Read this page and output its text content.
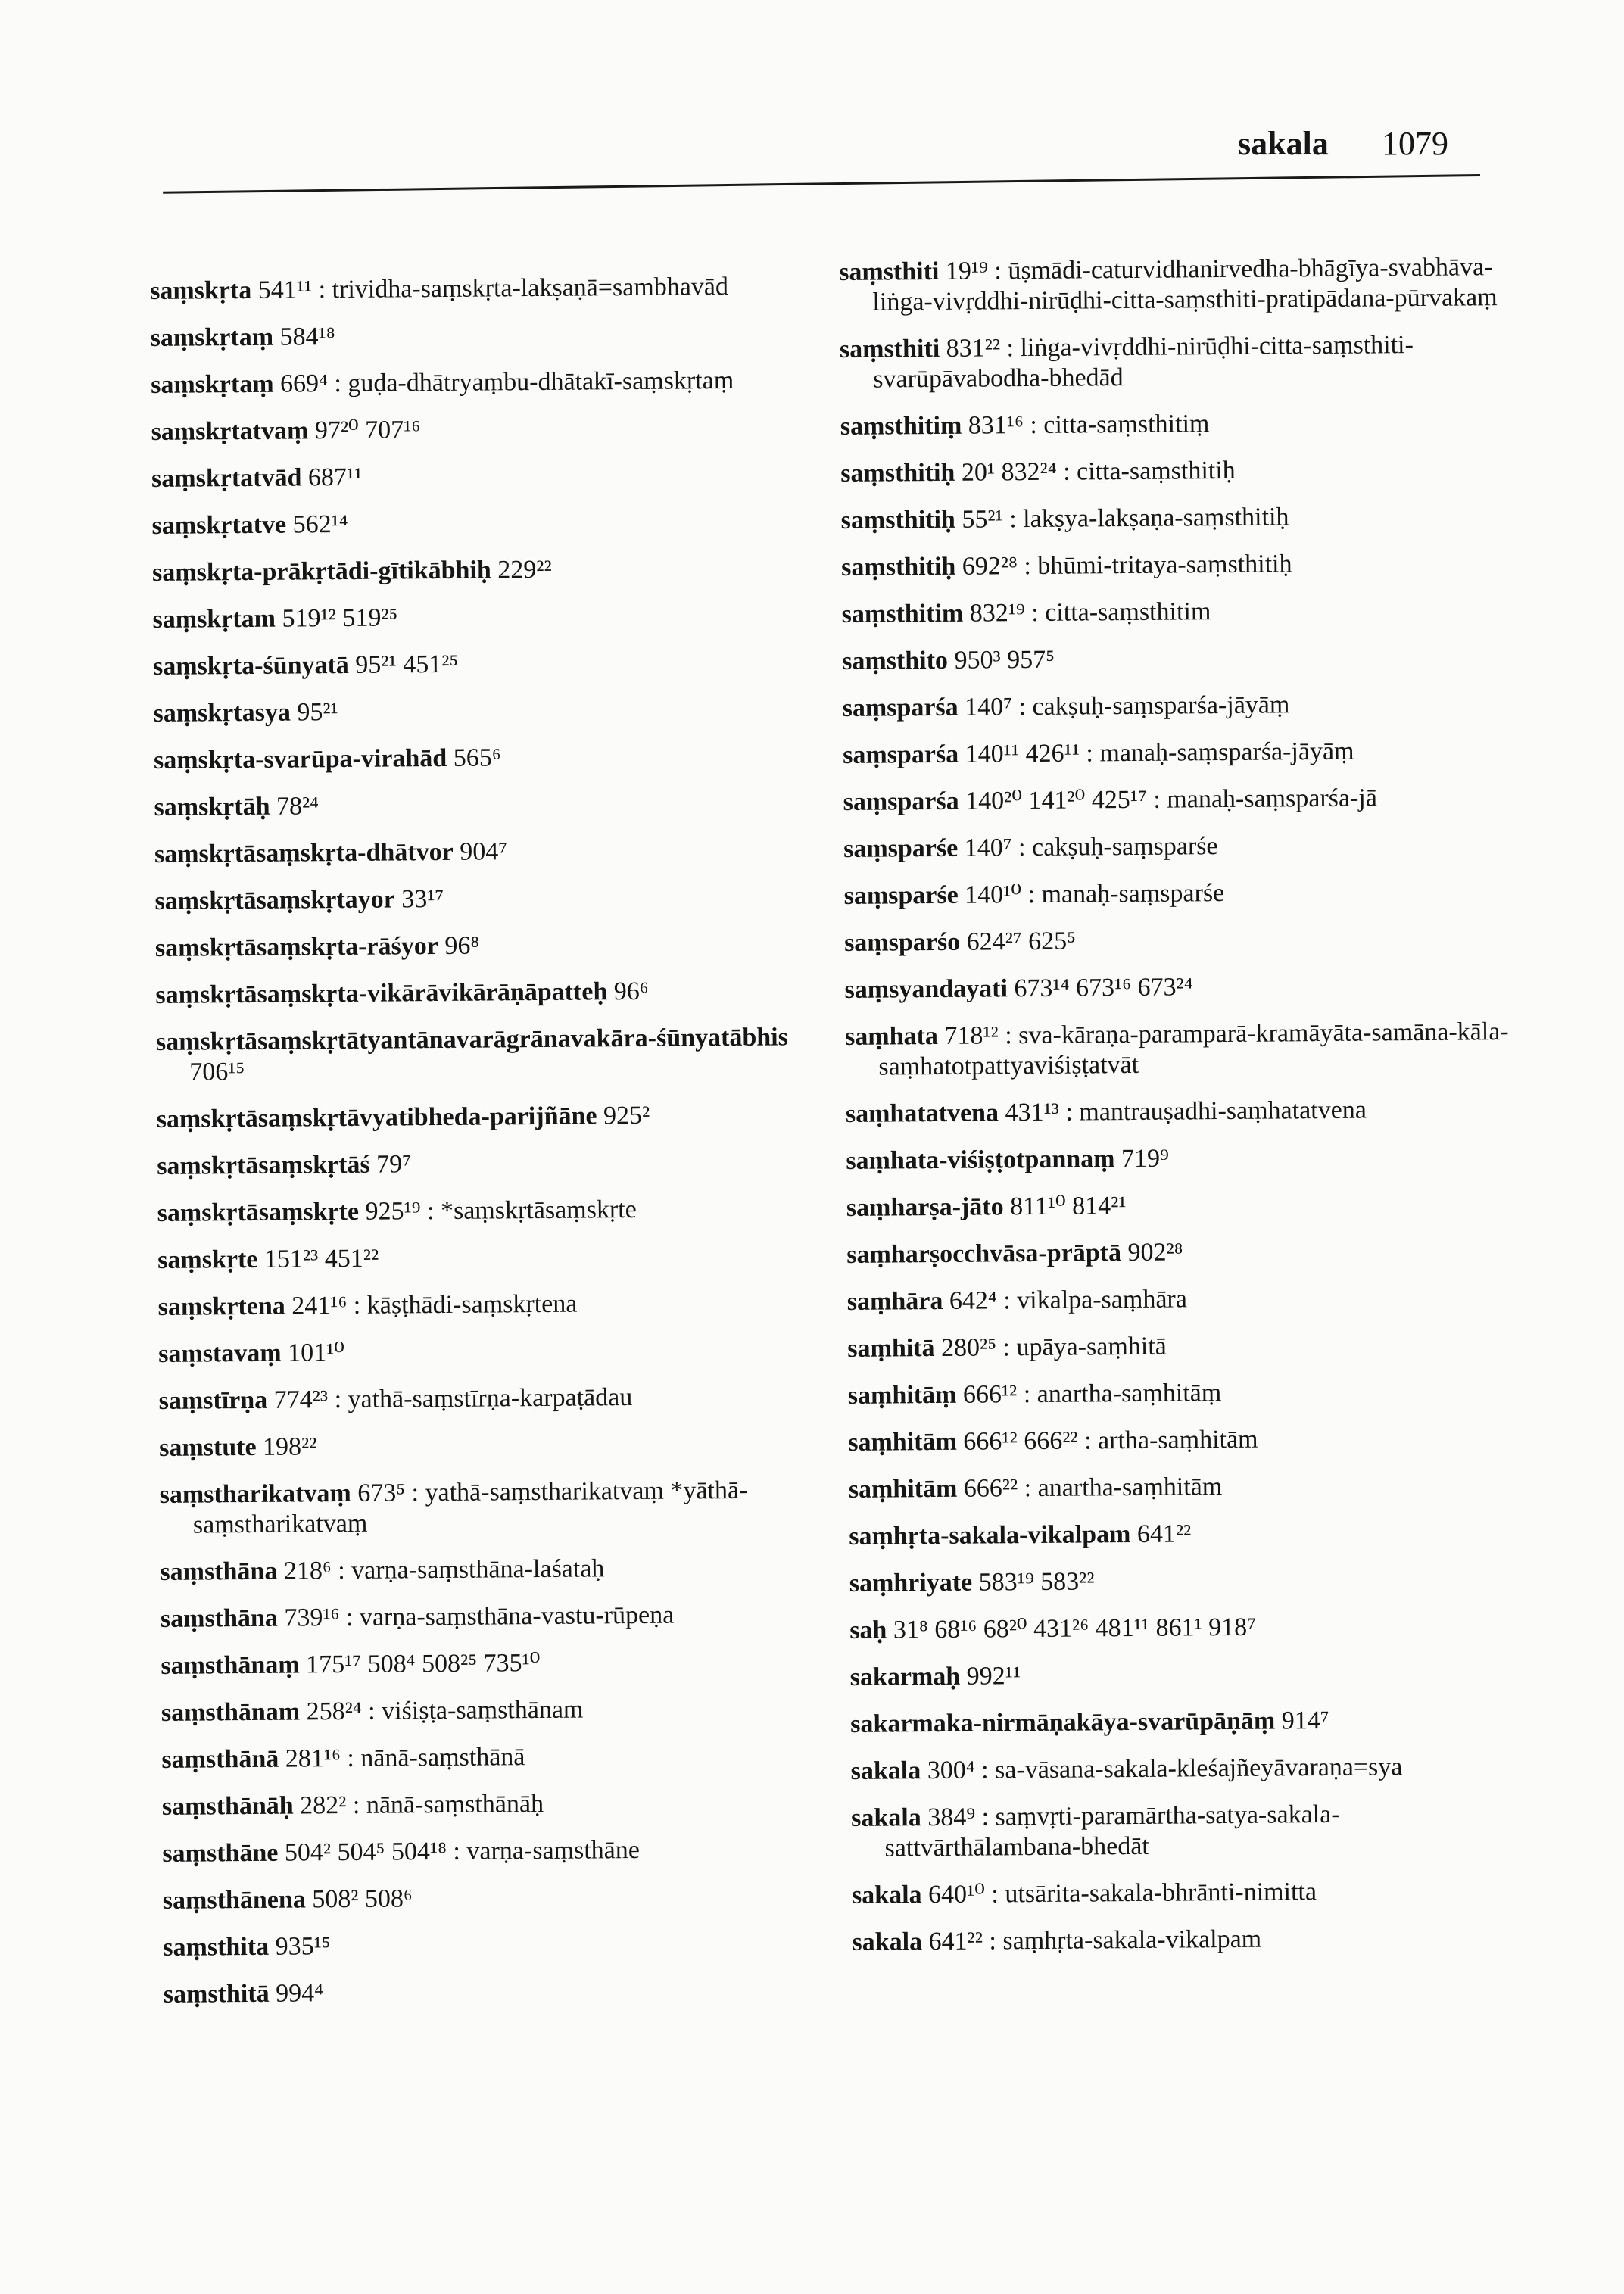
sakala 1079
saṃskṛta 541¹¹ : trividha-saṃskṛta-lakṣaṇā=sambhavād
saṃskṛtaṃ 584¹⁸
saṃskṛtaṃ 669⁴ : guḍa-dhātryaṃbu-dhātakī-saṃskṛtaṃ
saṃskṛtatvaṃ 97²⁰ 707¹⁶
saṃskṛtatvād 687¹¹
saṃskṛtatve 562¹⁴
saṃskṛta-prākṛtādi-gītikābhiḥ 229²²
saṃskṛtam 519¹² 519²⁵
saṃskṛta-śūnyatā 95²¹ 451²⁵
saṃskṛtasya 95²¹
saṃskṛta-svarūpa-virahād 565⁶
saṃskṛtāḥ 78²⁴
saṃskṛtāsaṃskṛta-dhātvor 904⁷
saṃskṛtāsaṃskṛtayor 33¹⁷
saṃskṛtāsaṃskṛta-rāśyor 96⁸
saṃskṛtāsaṃskṛta-vikārāvikārāṇāpatteḥ 96⁶
saṃskṛtāsaṃskṛtātyantānavarāgrānavakāra-śūnyatābhis 706¹⁵
saṃskṛtāsaṃskṛtāvyatibheda-parijñāne 925²
saṃskṛtāsaṃskṛtāś 79⁷
saṃskṛtāsaṃskṛte 925¹⁹ : *saṃskṛtāsaṃskṛte
saṃskṛte 151²³ 451²²
saṃskṛtena 241¹⁶ : kāṣṭhādi-saṃskṛtena
saṃstavaṃ 101¹⁰
saṃstīrṇa 774²³ : yathā-saṃstīrṇa-karpaṭādau
saṃstute 198²²
saṃstharikatvaṃ 673⁵ : yathā-saṃstharikatvaṃ *yāthā-saṃstharikatvaṃ
saṃsthāna 218⁶ : varṇa-saṃsthāna-laśataḥ
saṃsthāna 739¹⁶ : varṇa-saṃsthāna-vastu-rūpeṇa
saṃsthānaṃ 175¹⁷ 508⁴ 508²⁵ 735¹⁰
saṃsthānam 258²⁴ : viśiṣṭa-saṃsthānam
saṃsthānā 281¹⁶ : nānā-saṃsthānā
saṃsthānāḥ 282² : nānā-saṃsthānāḥ
saṃsthāne 504² 504⁵ 504¹⁸ : varṇa-saṃsthāne
saṃsthānena 508² 508⁶
saṃsthita 935¹⁵
saṃsthitā 994⁴
saṃsthiti 19¹⁹ : ūṣmādi-caturvidhanirvedha-bhāgīya-svabhāva-liṅga-vivṛddhi-nirūḍhi-citta-saṃsthiti-pratipādana-pūrvakaṃ
saṃsthiti 831²² : liṅga-vivṛddhi-nirūḍhi-citta-saṃsthiti-svarūpāvabodha-bhedād
saṃsthitiṃ 831¹⁶ : citta-saṃsthitiṃ
saṃsthitiḥ 20¹ 832²⁴ : citta-saṃsthitiḥ
saṃsthitiḥ 55²¹ : lakṣya-lakṣaṇa-saṃsthitiḥ
saṃsthitiḥ 692²⁸ : bhūmi-tritaya-saṃsthitiḥ
saṃsthitim 832¹⁹ : citta-saṃsthitim
saṃsthito 950³ 957⁵
saṃsparśa 140⁷ : cakṣuḥ-saṃsparśa-jāyāṃ
saṃsparśa 140¹¹ 426¹¹ : manaḥ-saṃsparśa-jāyāṃ
saṃsparśa 140²⁰ 141²⁰ 425¹⁷ : manaḥ-saṃsparśa-jā
saṃsparśe 140⁷ : cakṣuḥ-saṃsparśe
saṃsparśe 140¹⁰ : manaḥ-saṃsparśe
saṃsparśo 624²⁷ 625⁵
saṃsyandayati 673¹⁴ 673¹⁶ 673²⁴
saṃhata 718¹² : sva-kāraṇa-paramparā-kramāyāta-samāna-kāla-saṃhatotpattyaviśiṣṭatvāt
saṃhatatvena 431¹³ : mantrauṣadhi-saṃhatatvena
saṃhata-viśiṣṭotpannaṃ 719⁹
saṃharṣa-jāto 811¹⁰ 814²¹
saṃharṣocchvāsa-prāptā 902²⁸
saṃhāra 642⁴ : vikalpa-saṃhāra
saṃhitā 280²⁵ : upāya-saṃhitā
saṃhitāṃ 666¹² : anartha-saṃhitāṃ
saṃhitām 666¹² 666²² : artha-saṃhitām
saṃhitām 666²² : anartha-saṃhitām
saṃhṛta-sakala-vikalpam 641²²
saṃhriyate 583¹⁹ 583²²
saḥ 31⁸ 68¹⁶ 68²⁰ 431²⁶ 481¹¹ 861¹ 918⁷
sakarmaḥ 992¹¹
sakarmaka-nirmāṇakāya-svarūpāṇāṃ 914⁷
sakala 300⁴ : sa-vāsana-sakala-kleśajñeyāvaraṇa=sya
sakala 384⁹ : saṃvṛti-paramārtha-satya-sakala-sattvārthālambana-bhedāt
sakala 640¹⁰ : utsārita-sakala-bhrānti-nimitta
sakala 641²² : saṃhṛta-sakala-vikalpam
